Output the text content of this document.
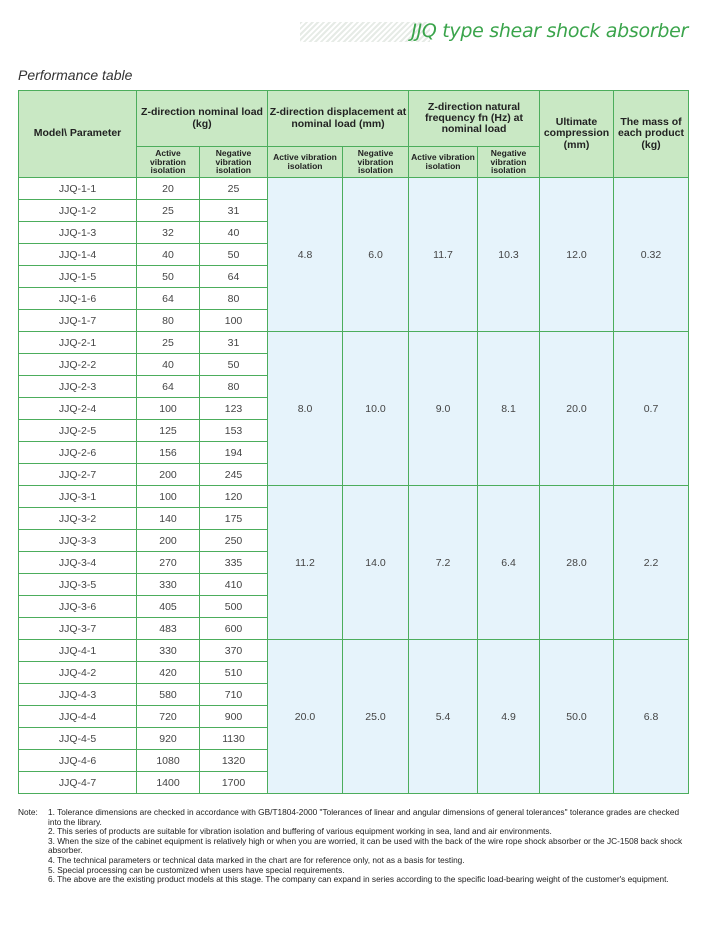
JJQ type shear shock absorber
Performance table
Model\ Parameter	Z-direction nominal load (kg)		Z-direction displacement at nominal load (mm)		Z-direction natural frequency fn (Hz) at nominal load		Ultimate compression (mm)	The mass of each product (kg)
	Active vibration isolation	Negative vibration isolation	Active vibration isolation	Negative vibration isolation	Active vibration isolation	Negative vibration isolation		
JJQ-1-1	20	25	4.8	6.0	11.7	10.3	12.0	0.32
JJQ-1-2	25	31						
JJQ-1-3	32	40						
JJQ-1-4	40	50						
JJQ-1-5	50	64						
JJQ-1-6	64	80						
JJQ-1-7	80	100						
JJQ-2-1	25	31	8.0	10.0	9.0	8.1	20.0	0.7
JJQ-2-2	40	50						
JJQ-2-3	64	80						
JJQ-2-4	100	123						
JJQ-2-5	125	153						
JJQ-2-6	156	194						
JJQ-2-7	200	245						
JJQ-3-1	100	120	11.2	14.0	7.2	6.4	28.0	2.2
JJQ-3-2	140	175						
JJQ-3-3	200	250						
JJQ-3-4	270	335						
JJQ-3-5	330	410						
JJQ-3-6	405	500						
JJQ-3-7	483	600						
JJQ-4-1	330	370	20.0	25.0	5.4	4.9	50.0	6.8
JJQ-4-2	420	510						
JJQ-4-3	580	710						
JJQ-4-4	720	900						
JJQ-4-5	920	1130						
JJQ-4-6	1080	1320						
JJQ-4-7	1400	1700						
Note: 1. Tolerance dimensions are checked in accordance with GB/T1804-2000 "Tolerances of linear and angular dimensions of general tolerances" tolerance grades are checked into the library.
2. This series of products are suitable for vibration isolation and buffering of various equipment working in sea, land and air environments.
3. When the size of the cabinet equipment is relatively high or when you are worried, it can be used with the back of the wire rope shock absorber or the JC-1508 back shock absorber.
4. The technical parameters or technical data marked in the chart are for reference only, not as a basis for testing.
5. Special processing can be customized when users have special requirements.
6. The above are the existing product models at this stage. The company can expand in series according to the specific load-bearing weight of the customer's equipment.
